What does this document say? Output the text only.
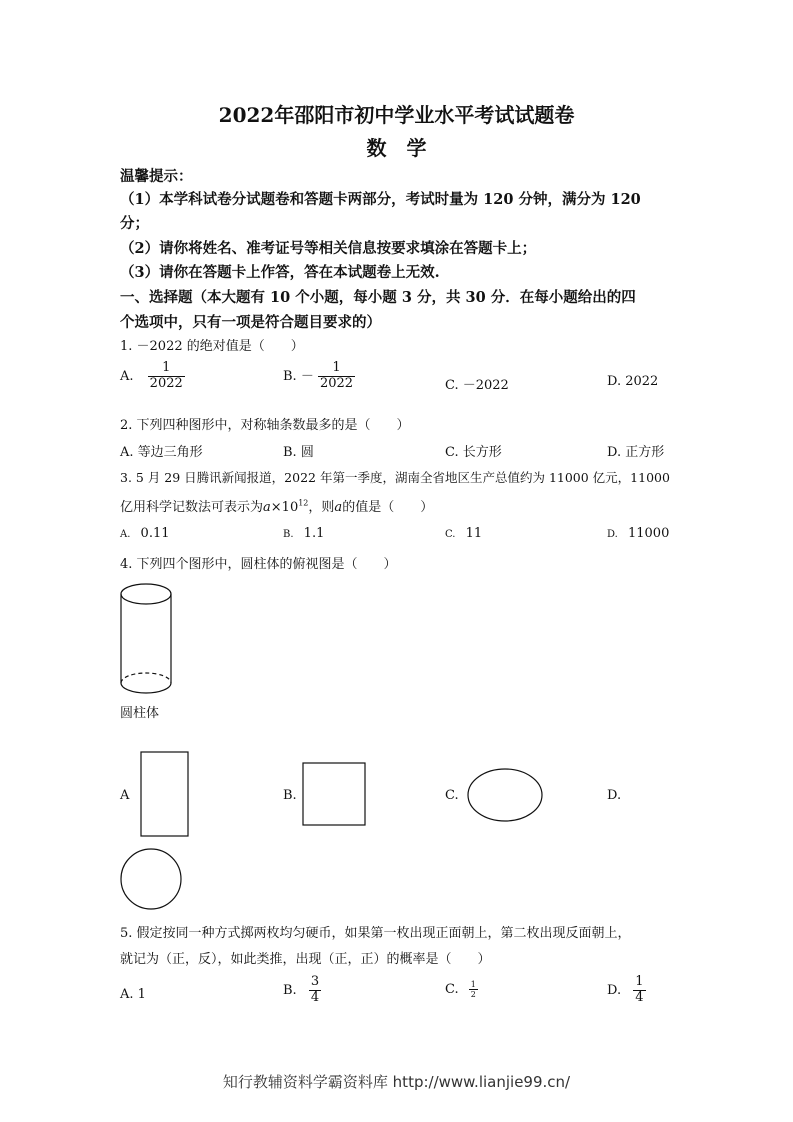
2022年邵阳市初中学业水平考试试题卷
数　学
温馨提示：
（1）本学科试卷分试题卷和答题卡两部分，考试时量为 120 分钟，满分为 120
分；
（2）请你将姓名、准考证号等相关信息按要求填涂在答题卡上；
（3）请你在答题卡上作答，答在本试题卷上无效.
一、选择题（本大题有 10 个小题，每小题 3 分，共 30 分．在每小题给出的四
个选项中，只有一项是符合题目要求的）
1. －2022 的绝对值是（　　）
A. $\frac{1}{2022}$	B. － $\frac{1}{2022}$	C. －2022	D. 2022
2. 下列四种图形中，对称轴条数最多的是（　　）
A. 等边三角形	B. 圆	C. 长方形	D. 正方形
3. 5 月 29 日腾讯新闻报道，2022 年第一季度，湖南全省地区生产总值约为 11000 亿元，11000
亿用科学记数法可表示为$a\times 10^{12}$，则a的值是（　　）
A. 0.11	B. 1.1	C. 11	D. 11000
4. 下列四个图形中，圆柱体的俯视图是（　　）
圆柱体
A	B.	C.	D.
5. 假定按同一种方式掷两枚均匀硬币，如果第一枚出现正面朝上，第二枚出现反面朝上，
就记为（正，反），如此类推，出现（正，正）的概率是（　　）
A. 1	B. $\frac{3}{4}$	C. $\frac{1}{2}$	D. $\frac{1}{4}$
知行教辅资料学霸资料库 http://www.lianjie99.cn/
